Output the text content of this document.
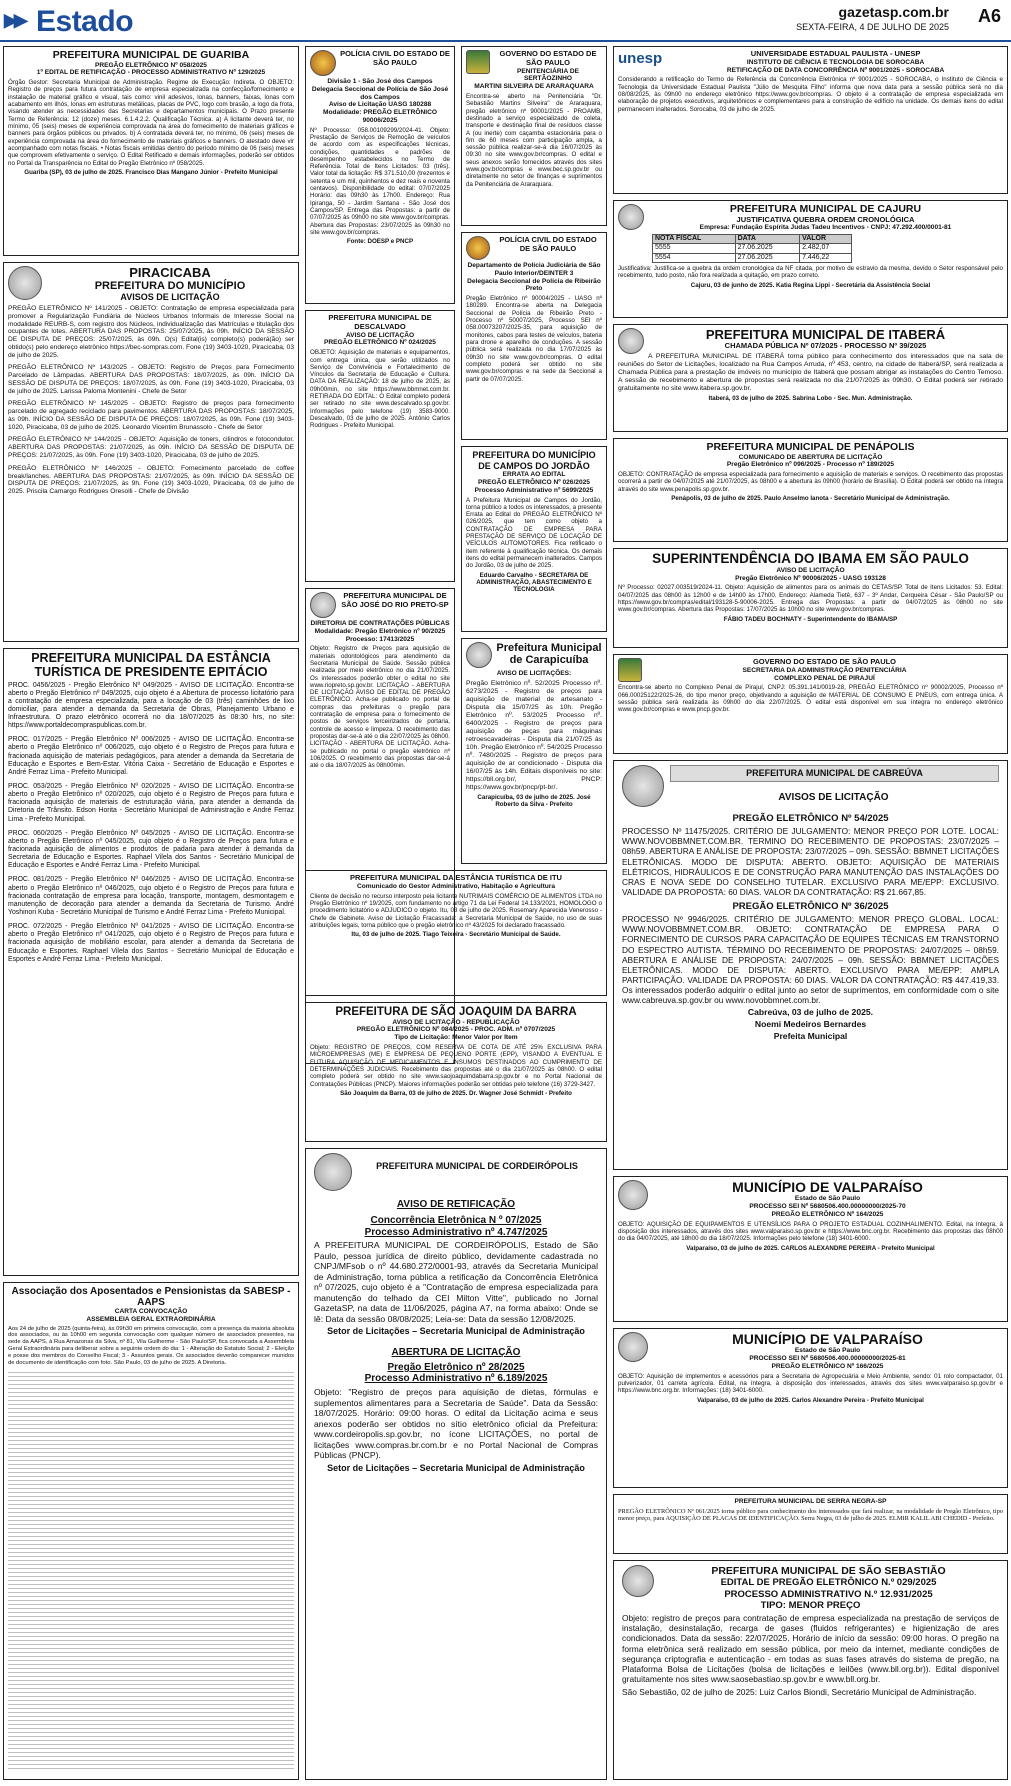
▶▶ Estado	gazetasp.com.br
SEXTA-FEIRA, 4 DE JULHO DE 2025
A6
PREFEITURA MUNICIPAL DE GUARIBA
PREGÃO ELETRÔNICO Nº 058/2025
1º EDITAL DE RETIFICAÇÃO - PROCESSO ADMINISTRATIVO Nº 129/2025
Órgão Gestor: Secretaria Municipal de Administração. Regime de Execução: Indireta. O OBJETO: Registro de preços para futura contratação de empresa especializada na confecção/fornecimento e instalação de material gráfico e visual, tais como: vinil adesivos, lonas, banners, faixas, lonas com acabamento em ilhós, lonas em estruturas metálicas, placas de PVC, logo com brasão, a logo da frota, visando atender as necessidades das Secretarias e departamentos municipais. O Prazo presente Termo de Referência: 12 (doze) meses. 6.1.4.2.2. Qualificação Técnica. a) A licitante deverá ter, no mínimo, 05 (seis) meses de experiência comprovada na área do fornecimento de materiais gráficos e banners para órgãos públicos ou privados. b) A contratada deverá ter, no mínimo, 06 (seis) meses de experiência comprovada na área do fornecimento de materiais gráficos e banners. O atestado deve vir acompanhado com notas fiscais. • Notas fiscais emitidas dentro do período mínimo de 06 (seis) meses que comprovem efetivamente o serviço. O Edital Retificado e demais informações, poderão ser obtidos no Portal da Transparência no Edital do Pregão Eletrônico nº 058/2025.
Guariba (SP), 03 de julho de 2025. Francisco Dias Mangano Júnior - Prefeito Municipal
PIRACICABA
PREFEITURA DO MUNICÍPIO
AVISOS DE LICITAÇÃO
PREGÃO ELETRÔNICO Nº 141/2025 - OBJETO: Contratação de empresa especializada para promover a Regularização Fundiária de Núcleos Urbanos Informais de Interesse Social na modalidade REURB-S, com registro dos Núcleos, individualização das Matrículas e titulação dos ocupantes de lotes. ABERTURA DAS PROPOSTAS: 25/07/2025, às 09h. INÍCIO DA SESSÃO DE DISPUTA DE PREÇOS: 25/07/2025, às 09h. O(s) Edital(is) completo(s) poderá(ão) ser obtido(s) pelo endereço eletrônico https://bec-sompras.com. Fone (19) 3403-1020, Piracicaba, 03 de julho de 2025.
PREGÃO ELETRÔNICO Nº 143/2025 - OBJETO: Registro de Preços para Fornecimento Parcelado de Lâmpadas. ABERTURA DAS PROPOSTAS: 18/07/2025, às 09h. INÍCIO DA SESSÃO DE DISPUTA DE PREÇOS: 18/07/2025, às 09h. Fone (19) 3403-1020, Piracicaba, 03 de julho de 2025. Larissa Paloma Montenini - Chefe de Setor
PREGÃO ELETRÔNICO Nº 145/2025 - OBJETO: Registro de preços para fornecimento parcelado de agregado reciclado para pavimentos. ABERTURA DAS PROPOSTAS: 18/07/2025, às 09h. INÍCIO DA SESSÃO DE DISPUTA DE PREÇOS: 18/07/2025, às 09h. Fone (19) 3403-1020, Piracicaba, 03 de julho de 2025. Leonardo Vicentim Brunassolo - Chefe de Setor
PREGÃO ELETRÔNICO Nº 144/2025 - OBJETO: Aquisição de toners, cilindros e fotocondutor. ABERTURA DAS PROPOSTAS: 21/07/2025, às 09h. INÍCIO DA SESSÃO DE DISPUTA DE PREÇOS: 21/07/2025, às 09h. Fone (19) 3403-1020, Piracicaba, 03 de julho de 2025.
PREGÃO ELETRÔNICO Nº 146/2025 - OBJETO: Fornecimento parcelado de coffee break/lanches. ABERTURA DAS PROPOSTAS: 21/07/2025, às 09h. INÍCIO DA SESSÃO DE DISPUTA DE PREÇOS: 21/07/2025, às 9h. Fone (19) 3403-1020, Piracicaba, 03 de julho de 2025. Priscila Camargo Rodrigues Oresolli - Chefe de Divisão
PREFEITURA MUNICIPAL DA ESTÂNCIA TURÍSTICA DE PRESIDENTE EPITÁCIO
PROC. 0456/2025 - Pregão Eletrônico Nº 049/2025 - AVISO DE LICITAÇÃO. Encontra-se aberto o Pregão Eletrônico nº 049/2025, cujo objeto é a Abertura de processo licitatório para a contratação de empresa especializada, para a locação de 03 (três) caminhões de lixo domiciliar, para atender a demanda da Secretaria de Obras, Planejamento Urbano e Infraestrutura. O prazo eletrônico ocorrerá no dia 18/07/2025 às 08:30 hrs, no site: https://www.portaldecompraspublicas.com.br.
PROC. 017/2025 - Pregão Eletrônico Nº 006/2025 - AVISO DE LICITAÇÃO. Encontra-se aberto o Pregão Eletrônico nº 006/2025, cujo objeto é o Registro de Preços para futura e fracionada aquisição de materiais pedagógicos, para atender a demanda da Secretaria de Educação e Esportes e Bem-Estar. Vitória Caixa - Secretário de Educação e Esportes e André Ferraz Lima - Prefeito Municipal.
PROC. 053/2025 - Pregão Eletrônico Nº 020/2025 - AVISO DE LICITAÇÃO. Encontra-se aberto o Pregão Eletrônico nº 020/2025, cujo objeto é o Registro de Preços para futura e fracionada aquisição de materiais de estruturação viária, para atender a demanda da Diretoria de Trânsito. Edson Horita - Secretário Municipal de Administração e André Ferraz Lima - Prefeito Municipal.
PROC. 060/2025 - Pregão Eletrônico Nº 045/2025 - AVISO DE LICITAÇÃO. Encontra-se aberto o Pregão Eletrônico nº 045/2025, cujo objeto é o Registro de Preços para futura e fracionada aquisição de alimentos e produtos de padaria para atender à demanda da Secretaria de Educação e Esportes. Raphael Vilela dos Santos - Secretário Municipal de Educação e Esportes e André Ferraz Lima - Prefeito Municipal.
PROC. 081/2025 - Pregão Eletrônico Nº 046/2025 - AVISO DE LICITAÇÃO. Encontra-se aberto o Pregão Eletrônico nº 046/2025, cujo objeto é o Registro de Preços para futura e fracionada contratação de empresa para locação, transporte, montagem, desmontagem e manutenção de decoração para atender a demanda da Secretaria de Turismo. André Yoshinori Kuba - Secretário Municipal de Turismo e André Ferraz Lima - Prefeito Municipal.
PROC. 072/2025 - Pregão Eletrônico Nº 041/2025 - AVISO DE LICITAÇÃO. Encontra-se aberto o Pregão Eletrônico nº 041/2025, cujo objeto é o Registro de Preços para futura e fracionada aquisição de mobiliário escolar, para atender a demanda da Secretaria de Educação e Esportes. Raphael Vilela dos Santos - Secretário Municipal de Educação e Esportes e André Ferraz Lima - Prefeito Municipal.
Associação dos Aposentados e Pensionistas da SABESP - AAPS
CARTA CONVOCAÇÃO
ASSEMBLEIA GERAL EXTRAORDINÁRIA
Aos 24 de julho de 2025 (quinta-feira), às 09h30 em primeira convocação, com a presença da maioria absoluta dos associados, ou às 10h00 em segunda convocação com qualquer número de associados presentes, na sede da AAPS, à Rua Amazonas da Silva, nº 81, Vila Guilherme - São Paulo/SP, fica convocada a Assembleia Geral Extraordinária para deliberar sobre a seguinte ordem do dia: 1 - Alteração do Estatuto Social; 2 - Eleição e posse dos membros do Conselho Fiscal; 3 - Assuntos gerais. Os associados deverão comparecer munidos de documento de identificação com foto. São Paulo, 03 de julho de 2025. A Diretoria.
POLÍCIA CIVIL DO ESTADO DE SÃO PAULO
Divisão 1 - São José dos Campos
Delegacia Seccional de Polícia de São José dos Campos
Aviso de Licitação UASG 180288
Modalidade: PREGÃO ELETRÔNICO 90006/2025
Nº Processo: 058.00109299/2024-41. Objeto: Prestação de Serviços de Remoção de veículos de acordo com as especificações técnicas, condições, quantidades e padrões de desempenho estabelecidos no Termo de Referência. Total de Itens Licitados: 03 (três). Valor total da licitação: R$ 371.510,00 (trezentos e setenta e um mil, quinhentos e dez reais e noventa centavos). Disponibilidade do edital: 07/07/2025 Horário: das 09h30 às 17h00. Endereço: Rua Ipiranga, 50 - Jardim Santana - São José dos Campos/SP. Entrega das Propostas: a partir de 07/07/2025 às 09h00 no site www.gov.br/compras. Abertura das Propostas: 23/07/2025 às 09h30 no site www.gov.br/compras.
Fonte: DOESP e PNCP
PREFEITURA MUNICIPAL DE DESCALVADO
AVISO DE LICITAÇÃO
PREGÃO ELETRÔNICO Nº 024/2025
OBJETO: Aquisição de materiais e equipamentos, com entrega única, que serão utilizados no Serviço de Convivência e Fortalecimento de Vínculos da Secretaria de Educação e Cultura. DATA DA REALIZAÇÃO: 18 de julho de 2025, às 09h00min, no site https://www.bbmnet.com.br. RETIRADA DO EDITAL: O Edital completo poderá ser retirado no site www.descalvado.sp.gov.br. Informações pelo telefone (19) 3583-9000. Descalvado, 03 de julho de 2025. Antônio Carlos Rodrigues - Prefeito Municipal.
PREFEITURA MUNICIPAL DE SÃO JOSÉ DO RIO PRETO-SP
DIRETORIA DE CONTRATAÇÕES PÚBLICAS
Modalidade: Pregão Eletrônico nº 90/2025 Processo: 17413/2025
Objeto: Registro de Preços para aquisição de materiais odontológicos para atendimento da Secretaria Municipal de Saúde. Sessão pública realizada por meio eletrônico no dia 21/07/2025. Os interessados poderão obter o edital no site www.riopreto.sp.gov.br. LICITAÇÃO - ABERTURA DE LICITAÇÃO AVISO DE EDITAL DE PREGÃO ELETRÔNICO. Acha-se publicado no portal de compras das prefeituras o pregão para contratação de empresa para o fornecimento de postos de serviços terceirizados de portaria, controle de acesso e limpeza. O recebimento das propostas dar-se-á até o dia 22/07/2025 às 08h00. LICITAÇÃO - ABERTURA DE LICITAÇÃO. Acha-se publicado no portal o pregão eletrônico nº 106/2025. O recebimento das propostas dar-se-á até o dia 18/07/2025 às 08h00min.
GOVERNO DO ESTADO DE SÃO PAULO
PENITENCIÁRIA DE SERTÃOZINHO
MARTINI SILVEIRA DE ARARAQUARA
Encontra-se aberto na Penitenciária "Dr. Sebastião Martins Silveira" de Araraquara, pregão eletrônico nº 90001/2025 - PROAMB, destinado a serviço especializado de coleta, transporte e destinação final de resíduos classe A (ou inerte) com caçamba estacionária para o fim de 60 meses com participação ampla, a sessão pública realizar-se-á dia 16/07/2025 às 09:30 no site www.gov.br/compras. O edital e seus anexos serão fornecidos através dos sites www.gov.br/compras e www.bec.sp.gov.br ou diretamente no setor de finanças e suprimentos da Penitenciária de Araraquara.
POLÍCIA CIVIL DO ESTADO DE SÃO PAULO
Departamento de Polícia Judiciária de São Paulo Interior/DEINTER 3
Delegacia Seccional de Polícia de Ribeirão Preto
Pregão Eletrônico nº 90004/2025 - UASG nº 180289. Encontra-se aberta na Delegacia Seccional de Polícia de Ribeirão Preto - Processo nº 50007/2025, Processo SEI nº 058.00073207/2025-35, para aquisição de monitores, cabos para testes de veículos, bateria para drone e aparelho de conduções. A sessão pública será realizada no dia 17/07/2025 às 09h30 no site www.gov.br/compras. O edital completo poderá ser obtido no site www.gov.br/compras e na sede da Seccional a partir de 07/07/2025.
PREFEITURA DO MUNICÍPIO DE CAMPOS DO JORDÃO
ERRATA AO EDITAL
PREGÃO ELETRÔNICO Nº 026/2025 Processo Administrativo nº 5699/2025
A Prefeitura Municipal de Campos do Jordão, torna público a todos os interessados, a presente Errata ao Edital do PREGÃO ELETRÔNICO Nº 026/2025, que tem como objeto a CONTRATAÇÃO DE EMPRESA PARA PRESTAÇÃO DE SERVIÇO DE LOCAÇÃO DE VEÍCULOS AUTOMOTORES. Fica retificado o item referente à qualificação técnica. Os demais itens do edital permanecem inalterados. Campos do Jordão, 03 de julho de 2025.
Eduardo Carvalho - SECRETARIA DE ADMINISTRAÇÃO, ABASTECIMENTO E TECNOLOGIA
Prefeitura Municipal de Carapicuíba
AVISO DE LICITAÇÕES:
Pregão Eletrônico nº. 52/2025 Processo nº. 6273/2025 - Registro de preços para aquisição de material de artesanato - Disputa dia 15/07/25 às 10h. Pregão Eletrônico nº. 53/2025 Processo nº. 6400/2025 - Registro de preços para aquisição de peças para máquinas retroescavadeiras - Disputa dia 21/07/25 às 10h. Pregão Eletrônico nº. 54/2025 Processo nº. 7480/2025 - Registro de preços para aquisição de ar condicionado - Disputa dia 16/07/25 às 14h. Editais disponíveis no site: https://bll.org.br/, PNCP: https://www.gov.br/pncp/pt-br/.
Carapicuíba, 03 de julho de 2025. José Roberto da Silva - Prefeito
PREFEITURA MUNICIPAL DA ESTÂNCIA TURÍSTICA DE ITU
Comunicado do Gestor Administrativo, Habitação e Agricultura
Cliente de decisão no recurso interposto pela licitante NUTRIMAIS COMÉRCIO DE ALIMENTOS LTDA no Pregão Eletrônico nº 19/2025, com fundamento no artigo 71 da Lei Federal 14.133/2021, HOMOLOGO o procedimento licitatório e ADJUDICO o objeto. Itu, 03 de julho de 2025. Rosemary Aparecida Venerosso - Chefe de Gabinete. Aviso de Licitação Fracassada: a Secretaria Municipal de Saúde, no uso de suas atribuições legais, torna público que o pregão eletrônico nº 43/2025 foi declarado fracassado.
Itu, 03 de julho de 2025. Tiago Teixeira - Secretário Municipal de Saúde.
PREFEITURA DE SÃO JOAQUIM DA BARRA
AVISO DE LICITAÇÃO - REPUBLICAÇÃO
PREGÃO ELETRÔNICO Nº 084/2025 - PROC. ADM. nº 0707/2025
Tipo de Licitação: Menor Valor por Item
Objeto: REGISTRO DE PREÇOS, COM RESERVA DE COTA DE ATÉ 25% EXCLUSIVA PARA MICROEMPRESAS (ME) E EMPRESA DE PEQUENO PORTE (EPP), VISANDO A EVENTUAL E FUTURA AQUISIÇÃO DE MEDICAMENTOS E INSUMOS DESTINADOS AO CUMPRIMENTO DE DETERMINAÇÕES JUDICIAIS. Recebimento das propostas até o dia 21/07/2025 às 08h00. O edital completo poderá ser obtido no site www.saojoaquimdabarra.sp.gov.br e no Portal Nacional de Contratações Públicas (PNCP). Maiores informações poderão ser obtidas pelo telefone (16) 3729-3427.
São Joaquim da Barra, 03 de julho de 2025. Dr. Wagner José Schmidt - Prefeito
PREFEITURA MUNICIPAL DE CORDEIRÓPOLIS
AVISO DE RETIFICAÇÃO
Concorrência Eletrônica N º 07/2025
Processo Administrativo nº 4.747/2025
A PREFEITURA MUNICIPAL DE CORDEIRÓPOLIS, Estado de São Paulo, pessoa jurídica de direito público, devidamente cadastrada no CNPJ/MFsob o nº 44.680.272/0001-93, através da Secretaria Municipal de Administração, torna pública a retificação da Concorrência Eletrônica nº 07/2025, cujo objeto é a "Contratação de empresa especializada para manutenção do telhado da CEI Milton Vitte", publicado no Jornal GazetaSP, na data de 11/06/2025, página A7, na forma abaixo: Onde se lê: Data da sessão 08/08/2025; Leia-se: Data da sessão 12/08/2025.
Setor de Licitações – Secretaria Municipal de Administração
ABERTURA DE LICITAÇÃO
Pregão Eletrônico nº 28/2025
Processo Administrativo nº 6.189/2025
Objeto: "Registro de preços para aquisição de dietas, fórmulas e suplementos alimentares para a Secretaria de Saúde". Data da Sessão: 18/07/2025. Horário: 09:00 horas. O edital da Licitação acima e seus anexos poderão ser obtidos no sítio eletrônico oficial da Prefeitura: www.cordeiropolis.sp.gov.br, no ícone LICITAÇÕES, no portal de licitações www.compras.br.com.br e no Portal Nacional de Compras Públicas (PNCP).
Setor de Licitações – Secretaria Municipal de Administração
unesp	UNIVERSIDADE ESTADUAL PAULISTA - UNESP
INSTITUTO DE CIÊNCIA E TECNOLOGIA DE SOROCABA
RETIFICAÇÃO DE DATA CONCORRÊNCIA Nº 9001/2025 - SOROCABA
Considerando a retificação do Termo de Referência da Concorrência Eletrônica nº 9001/2025 - SOROCABA, o Instituto de Ciência e Tecnologia da Universidade Estadual Paulista "Júlio de Mesquita Filho" informa que nova data para a sessão pública será no dia 08/08/2025, às 09h00 no endereço eletrônico https://www.gov.br/compras. O objeto é a contratação de empresa especializada em elaboração de projetos executivos, arquitetônicos e complementares para a construção de edifício na unidade. Os demais itens do edital permanecem inalterados. Sorocaba, 03 de julho de 2025.
PREFEITURA MUNICIPAL DE CAJURU
JUSTIFICATIVA QUEBRA ORDEM CRONOLÓGICA
Empresa: Fundação Espírita Judas Tadeu Incentivos - CNPJ: 47.292.400/0001-81
NOTA FISCAL	DATA	VALOR
5555	27.06.2025	2.482,07
5554	27.06.2025	7.446,22
Justificativa: Justifica-se a quebra da ordem cronológica da NF citada, por motivo de estravio da mesma, devido o Setor responsável pelo recebimento, tudo posto, não fora realizada a quitação, em prazo correto.
Cajuru, 03 de junho de 2025. Katia Regina Lippi - Secretária da Assistência Social
PREFEITURA MUNICIPAL DE ITABERÁ
CHAMADA PÚBLICA Nº 07/2025 - PROCESSO Nº 39/2025
A PREFEITURA MUNICIPAL DE ITABERÁ torna público para conhecimento dos interessados que na sala de reuniões do Setor de Licitações, localizado na Rua Campos Arruda, nº 453, centro, na cidade de Itaberá/SP, será realizada a Chamada Pública para a prestação de imóveis no município de Itaberá que possam abrigar as instalações do Centro Temoso. A sessão de recebimento e abertura de propostas será realizada no dia 21/07/2025 às 09h30. O Edital poderá ser retirado gratuitamente no site www.itabera.sp.gov.br.
Itaberá, 03 de julho de 2025. Sabrina Lobo - Sec. Mun. Administração.
PREFEITURA MUNICIPAL DE PENÁPOLIS
COMUNICADO DE ABERTURA DE LICITAÇÃO
Pregão Eletrônico nº 096/2025 - Processo nº 189/2025
OBJETO: CONTRATAÇÃO de empresa especializada para fornecimento e aquisição de materiais e serviços. O recebimento das propostas ocorrerá a partir de 04/07/2025 até 21/07/2025, às 08h00 e a abertura às 09h00 (horário de Brasília). O Edital poderá ser obtido na íntegra através do site www.penapolis.sp.gov.br.
Penápolis, 03 de julho de 2025. Paulo Anselmo Ianota - Secretário Municipal de Administração.
SUPERINTENDÊNCIA DO IBAMA EM SÃO PAULO
AVISO DE LICITAÇÃO
Pregão Eletrônico Nº 90006/2025 - UASG 193128
Nº Processo: 02027.003519/2024-11. Objeto: Aquisição de alimentos para os animais do CETAS/SP. Total de Itens Licitados: 53. Edital: 04/07/2025 das 08h00 às 12h00 e de 14h00 às 17h00. Endereço: Alameda Tietê, 637 - 3º Andar, Cerqueira César - São Paulo/SP ou https://www.gov.br/compras/edital/193128-5-90006-2025. Entrega das Propostas: a partir de 04/07/2025 às 08h00 no site www.gov.br/compras. Abertura das Propostas: 17/07/2025 às 10h00 no site www.gov.br/compras.
FÁBIO TADEU BOCHNATY - Superintendente do IBAMA/SP
GOVERNO DO ESTADO DE SÃO PAULO
SECRETARIA DA ADMINISTRAÇÃO PENITENCIÁRIA
COMPLEXO PENAL DE PIRAJUÍ
Encontra-se aberto no Complexo Penal de Pirajuí, CNPJ: 05.391.141/0019-28, PREGÃO ELETRÔNICO nº 90002/2025, Processo nº 066.00025122/2025-26, do tipo menor preço, objetivando a aquisição de MATERIAL DE CONSUMO E PNEUS, com entrega única. A sessão pública será realizada às 09h00 do dia 22/07/2025. O edital está disponível em sua íntegra no endereço eletrônico www.gov.br/compras e www.pncp.gov.br.
PREFEITURA MUNICIPAL DE CABREÚVA
AVISOS DE LICITAÇÃO
PREGÃO ELETRÔNICO Nº 54/2025
PROCESSO Nº 11475/2025. CRITÉRIO DE JULGAMENTO: MENOR PREÇO POR LOTE. LOCAL: WWW.NOVOBBMNET.COM.BR. TERMINO DO RECEBIMENTO DE PROPOSTAS: 23/07/2025 – 08h59. ABERTURA E ANÁLISE DE PROPOSTA: 23/07/2025 – 09h. SESSÃO: BBMNET LICITAÇÕES ELETRÔNICAS. MODO DE DISPUTA: ABERTO. OBJETO: AQUISIÇÃO DE MATERIAIS ELÉTRICOS, HIDRÁULICOS E DE CONSTRUÇÃO PARA MANUTENÇÃO DAS INSTALAÇÕES DO CRAS E NOVA SEDE DO CONSELHO TUTELAR. EXCLUSIVO PARA ME/EPP: EXCLUSIVO. VALIDADE DA PROPOSTA: 60 DIAS. VALOR DA CONTRATAÇÃO: R$ 21.667,85.
PREGÃO ELETRÔNICO Nº 36/2025
PROCESSO Nº 9946/2025. CRITÉRIO DE JULGAMENTO: MENOR PREÇO GLOBAL. LOCAL: WWW.NOVOBBMNET.COM.BR. OBJETO: CONTRATAÇÃO DE EMPRESA PARA O FORNECIMENTO DE CURSOS PARA CAPACITAÇÃO DE EQUIPES TÉCNICAS EM TRANSTORNO DO ESPECTRO AUTISTA. TÉRMINO DO RECEBIMENTO DE PROPOSTAS: 24/07/2025 – 08h59. ABERTURA E ANÁLISE DE PROPOSTA: 24/07/2025 – 09h. SESSÃO: BBMNET LICITAÇÕES ELETRÔNICAS. MODO DE DISPUTA: ABERTO. EXCLUSIVO PARA ME/EPP: AMPLA PARTICIPAÇÃO. VALIDADE DA PROPOSTA: 60 DIAS. VALOR DA CONTRATAÇÃO: R$ 447.419,33. Os interessados poderão adquirir o edital junto ao setor de suprimentos, em conformidade com o site www.cabreuva.sp.gov.br ou www.novobbmnet.com.br.
Cabreúva, 03 de julho de 2025.
Noemi Medeiros Bernardes
Prefeita Municipal
MUNICÍPIO DE VALPARAÍSO
Estado de São Paulo
PROCESSO SEI Nº 5680506.400.00000000/2025-70
PREGÃO ELETRÔNICO Nº 164/2025
OBJETO: AQUISIÇÃO DE EQUIPAMENTOS E UTENSÍLIOS PARA O PROJETO ESTADUAL COZINHALIMENTO. Edital, na íntegra, à disposição dos interessados, através dos sites www.valparaiso.sp.gov.br e https://www.bnc.org.br. Recebimento das propostas das 08h00 do dia 04/07/2025, até 18h00 do dia 18/07/2025. Informações pelo telefone (18) 3401-6000.
Valparaíso, 03 de julho de 2025. CARLOS ALEXANDRE PEREIRA - Prefeito Municipal
MUNICÍPIO DE VALPARAÍSO
Estado de São Paulo
PROCESSO SEI Nº 5680506.400.00000000/2025-81
PREGÃO ELETRÔNICO Nº 166/2025
OBJETO: Aquisição de implementos e acessórios para a Secretaria de Agropecuária e Meio Ambiente, sendo: 01 rolo compactador, 01 pulverizador, 01 carreta agrícola. Edital, na íntegra, à disposição dos interessados, através dos sites www.valparaiso.sp.gov.br e https://www.bnc.org.br. Informações: (18) 3401-6000.
Valparaíso, 03 de julho de 2025. Carlos Alexandre Pereira - Prefeito Municipal
PREFEITURA MUNICIPAL DE SERRA NEGRA-SP
PREGÃO ELETRÔNICO Nº 061/2025 torna público para conhecimento dos interessados que fará realizar, na modalidade de Pregão Eletrônico, tipo menor preço, para AQUISIÇÃO DE PLACAS DE IDENTIFICAÇÃO. Serra Negra, 03 de julho de 2025. ELMIR KALIL ABI CHEDID - Prefeito.
PREFEITURA MUNICIPAL DE SÃO SEBASTIÃO
EDITAL DE PREGÃO ELETRÔNICO N.º 029/2025
PROCESSO ADMINISTRATIVO N.º 12.931/2025
TIPO: MENOR PREÇO
Objeto: registro de preços para contratação de empresa especializada na prestação de serviços de instalação, desinstalação, recarga de gases (fluidos refrigerantes) e higienização de ares condicionados. Data da sessão: 22/07/2025. Horário de início da sessão: 09:00 horas. O pregão na forma eletrônica será realizado em sessão pública, por meio da internet, mediante condições de segurança criptografia e autenticação - em todas as suas fases através do sistema de pregão, na Plataforma Bolsa de Licitações (bolsa de licitações e leilões (www.bll.org.br)). Edital disponível gratuitamente nos sites www.saosebastiao.sp.gov.br e www.bll.org.br.
São Sebastião, 02 de julho de 2025: Luiz Carlos Biondi, Secretário Municipal de Administração.
